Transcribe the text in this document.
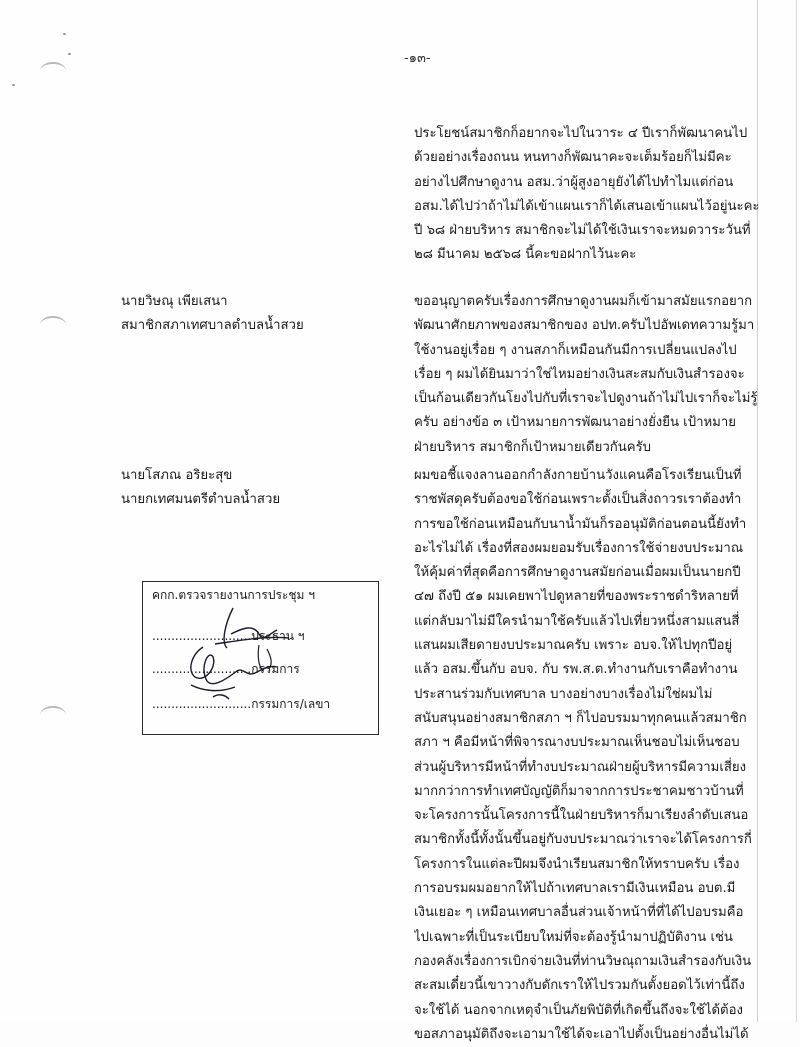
-๑๓-
ประโยชน์สมาชิกก็อยากจะไปในวาระ ๔ ปีเราก็พัฒนาคนไป
ด้วยอย่างเรื่องถนน หนทางก็พัฒนาคะจะเต็มร้อยก็ไม่มีคะ
อย่างไปศึกษาดูงาน อสม.ว่าผู้สูงอายุยังได้ไปทำไมแต่ก่อน
อสม.ได้ไปว่าถ้าไม่ได้เข้าแผนเราก็ได้เสนอเข้าแผนไว้อยู่นะคะ
ปี ๖๘ ฝ่ายบริหาร สมาชิกจะไม่ได้ใช้เงินเราจะหมดวาระวันที่
๒๘ มีนาคม ๒๕๖๘ นี้คะขอฝากไว้นะคะ
นายวิษณุ เพียเสนา
สมาชิกสภาเทศบาลตำบลน้ำสวย
ขออนุญาตครับเรื่องการศึกษาดูงานผมก็เข้ามาสมัยแรกอยาก
พัฒนาศักยภาพของสมาชิกของ อปท.ครับไปอัพเดทความรู้มา
ใช้งานอยู่เรื่อย ๆ งานสภาก็เหมือนกันมีการเปลี่ยนแปลงไป
เรื่อย ๆ ผมได้ยินมาว่าใช่ไหมอย่างเงินสะสมกับเงินสำรองจะ
เป็นก้อนเดียวกันโยงไปกับที่เราจะไปดูงานถ้าไม่ไปเราก็จะไม่รู้
ครับ อย่างข้อ ๓ เป้าหมายการพัฒนาอย่างยั่งยืน เป้าหมาย
ฝ่ายบริหาร สมาชิกก็เป้าหมายเดียวกันครับ
นายโสภณ อริยะสุข
นายกเทศมนตรีตำบลน้ำสวย
ผมขอชี้แจงลานออกกำลังกายบ้านวังแคนคือโรงเรียนเป็นที่
ราชพัสดุครับต้องขอใช้ก่อนเพราะตั้งเป็นสิ่งถาวรเราต้องทำ
การขอใช้ก่อนเหมือนกับนาน้ำมันก็รออนุมัติก่อนตอนนี้ยังทำ
อะไรไม่ได้ เรื่องที่สองผมยอมรับเรื่องการใช้จ่ายงบประมาณ
ให้คุ้มค่าที่สุดคือการศึกษาดูงานสมัยก่อนเมื่อผมเป็นนายกปี
๔๗ ถึงปี ๕๑ ผมเคยพาไปดูหลายที่ของพระราชดำริหลายที่
แต่กลับมาไม่มีใครนำมาใช้ครับแล้วไปเที่ยวหนึ่งสามแสนสี่
แสนผมเสียดายงบประมาณครับ เพราะ อบจ.ให้ไปทุกปีอยู่
แล้ว อสม.ขึ้นกับ อบจ. กับ รพ.ส.ต.ทำงานกับเราคือทำงาน
ประสานร่วมกับเทศบาล บางอย่างบางเรื่องไม่ใช่ผมไม่
สนับสนุนอย่างสมาชิกสภา ฯ ก็ไปอบรมมาทุกคนแล้วสมาชิก
สภา ฯ คือมีหน้าที่พิจารณางบประมาณเห็นชอบไม่เห็นชอบ
ส่วนผู้บริหารมีหน้าที่ทำงบประมาณฝ่ายผู้บริหารมีความเสี่ยง
มากกว่าการทำเทศบัญญัติก็มาจากการประชาคมชาวบ้านที่
จะโครงการนั้นโครงการนี้ในฝ่ายบริหารก็มาเรียงลำดับเสนอ
สมาชิกทั้งนี้ทั้งนั้นขึ้นอยู่กับงบประมาณว่าเราจะได้โครงการกี่
โครงการในแต่ละปีผมจึงนำเรียนสมาชิกให้ทราบครับ เรื่อง
การอบรมผมอยากให้ไปถ้าเทศบาลเรามีเงินเหมือน อบต.มี
เงินเยอะ ๆ เหมือนเทศบาลอื่นส่วนเจ้าหน้าที่ที่ได้ไปอบรมคือ
ไปเฉพาะที่เป็นระเบียบใหม่ที่จะต้องรู้นำมาปฏิบัติงาน เช่น
กองคลังเรื่องการเบิกจ่ายเงินที่ท่านวิษณุถามเงินสำรองกับเงิน
สะสมเดี๋ยวนี้เขาวางกับดักเราให้ไปรวมกันตั้งยอดไว้เท่านี้ถึง
จะใช้ได้ นอกจากเหตุจำเป็นภัยพิบัติที่เกิดขึ้นถึงจะใช้ได้ต้อง
ขอสภาอนุมัติถึงจะเอามาใช้ได้จะเอาไปตั้งเป็นอย่างอื่นไม่ได้
คกก.ตรวจรายงานการประชุม ฯ
..........................ประธาน ฯ
..........................กรรมการ
..........................กรรมการ/เลขา
